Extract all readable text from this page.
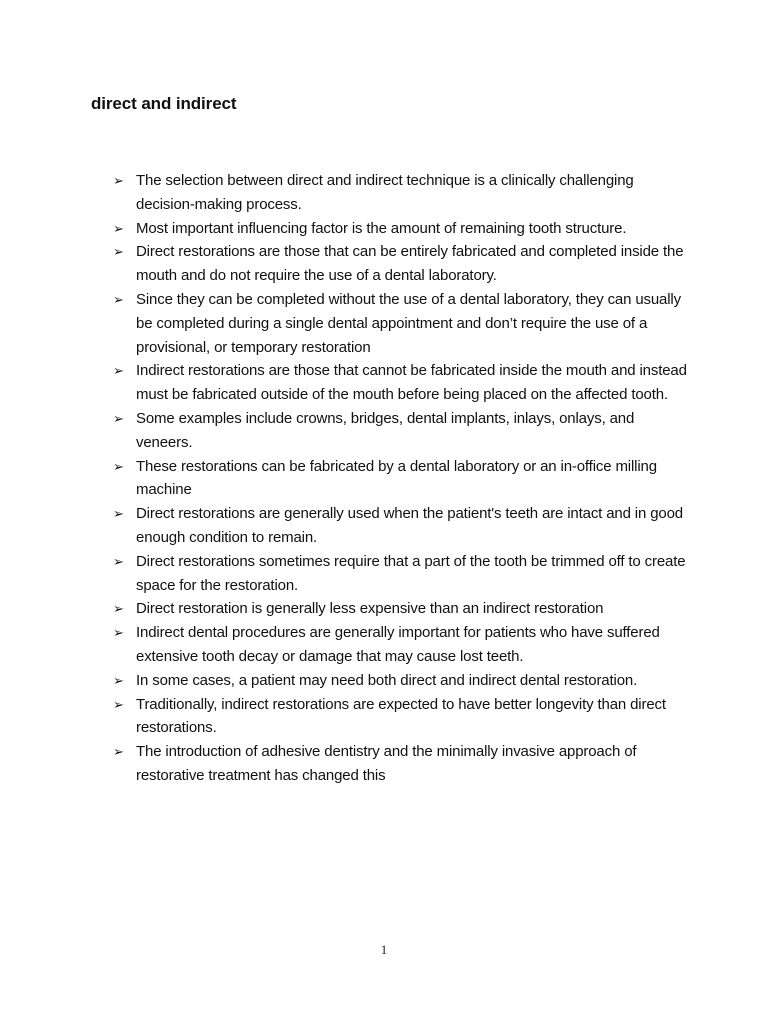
direct and indirect
➢ The selection between direct and indirect technique is a clinically challenging decision-making process.
➢ Most important influencing factor is the amount of remaining tooth structure.
➢ Direct restorations are those that can be entirely fabricated and completed inside the mouth and do not require the use of a dental laboratory.
➢ Since they can be completed without the use of a dental laboratory, they can usually be completed during a single dental appointment and don’t require the use of a provisional, or temporary restoration
➢ Indirect restorations are those that cannot be fabricated inside the mouth and instead must be fabricated outside of the mouth before being placed on the affected tooth.
➢ Some examples include crowns, bridges, dental implants, inlays, onlays, and veneers.
➢ These restorations can be fabricated by a dental laboratory or an in-office milling machine
➢ Direct restorations are generally used when the patient's teeth are intact and in good enough condition to remain.
➢ Direct restorations sometimes require that a part of the tooth be trimmed off to create space for the restoration.
➢ Direct restoration is generally less expensive than an indirect restoration
➢ Indirect dental procedures are generally important for patients who have suffered extensive tooth decay or damage that may cause lost teeth.
➢ In some cases, a patient may need both direct and indirect dental restoration.
➢ Traditionally, indirect restorations are expected to have better longevity than direct restorations.
➢ The introduction of adhesive dentistry and the minimally invasive approach of restorative treatment has changed this
1
